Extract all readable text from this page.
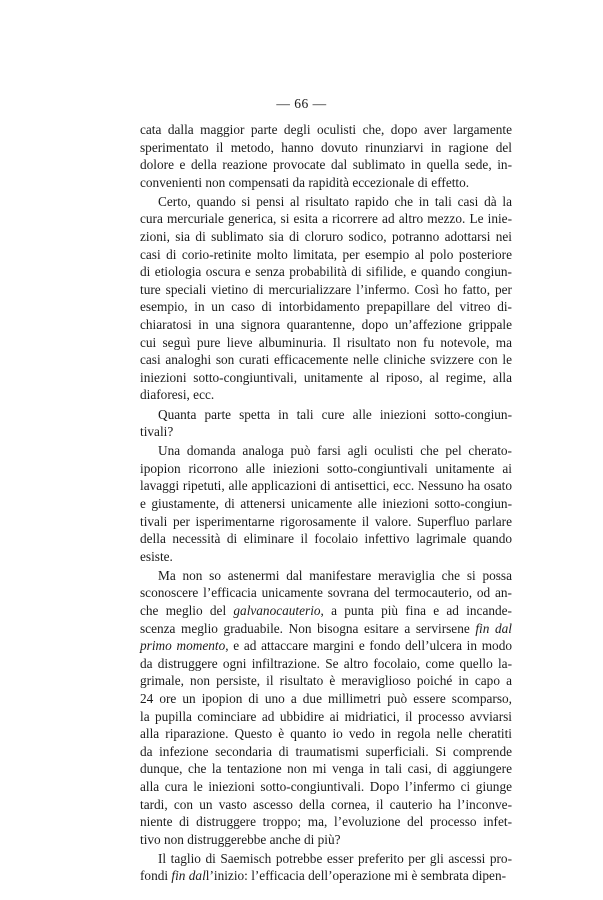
— 66 —
cata dalla maggior parte degli oculisti che, dopo aver largamente
sperimentato il metodo, hanno dovuto rinunziarvi in ragione del
dolore e della reazione provocate dal sublimato in quella sede, in-
convenienti non compensati da rapidità eccezionale di effetto.
Certo, quando si pensi al risultato rapido che in tali casi dà la
cura mercuriale generica, si esita a ricorrere ad altro mezzo. Le inie-
zioni, sia di sublimato sia di cloruro sodico, potranno adottarsi nei
casi di corio-retinite molto limitata, per esempio al polo posteriore
di etiologia oscura e senza probabilità di sifilide, e quando congiun-
ture speciali vietino di mercurializzare l’infermo. Così ho fatto, per
esempio, in un caso di intorbidamento prepapillare del vitreo di-
chiaratosi in una signora quarantenne, dopo un’affezione grippale
cui seguì pure lieve albuminuria. Il risultato non fu notevole, ma
casi analoghi son curati efficacemente nelle cliniche svizzere con le
iniezioni sotto-congiuntivali, unitamente al riposo, al regime, alla
diaforesi, ecc.
Quanta parte spetta in tali cure alle iniezioni sotto-congiun-
tivali?
Una domanda analoga può farsi agli oculisti che pel cherato-
ipopion ricorrono alle iniezioni sotto-congiuntivali unitamente ai
lavaggi ripetuti, alle applicazioni di antisettici, ecc. Nessuno ha osato
e giustamente, di attenersi unicamente alle iniezioni sotto-congiun-
tivali per isperimentarne rigorosamente il valore. Superfluo parlare
della necessità di eliminare il focolaio infettivo lagrimale quando
esiste.
Ma non so astenermi dal manifestare meraviglia che si possa
sconoscere l’efficacia unicamente sovrana del termocauterio, od an-
che meglio del galvanocauterio, a punta più fina e ad incande-
scenza meglio graduabile. Non bisogna esitare a servirsene fin dal
primo momento, e ad attaccare margini e fondo dell’ulcera in modo
da distruggere ogni infiltrazione. Se altro focolaio, come quello la-
grimale, non persiste, il risultato è meraviglioso poiché in capo a
24 ore un ipopion di uno a due millimetri può essere scomparso,
la pupilla cominciare ad ubbidire ai midriatici, il processo avviarsi
alla riparazione. Questo è quanto io vedo in regola nelle cheratiti
da infezione secondaria di traumatismi superficiali. Si comprende
dunque, che la tentazione non mi venga in tali casi, di aggiungere
alla cura le iniezioni sotto-congiuntivali. Dopo l’infermo ci giunge
tardi, con un vasto ascesso della cornea, il cauterio ha l’inconve-
niente di distruggere troppo; ma, l’evoluzione del processo infet-
tivo non distruggerebbe anche di più?
Il taglio di Saemisch potrebbe esser preferito per gli ascessi pro-
fondi fin dall’inizio: l’efficacia dell’operazione mi è sembrata dipen-
